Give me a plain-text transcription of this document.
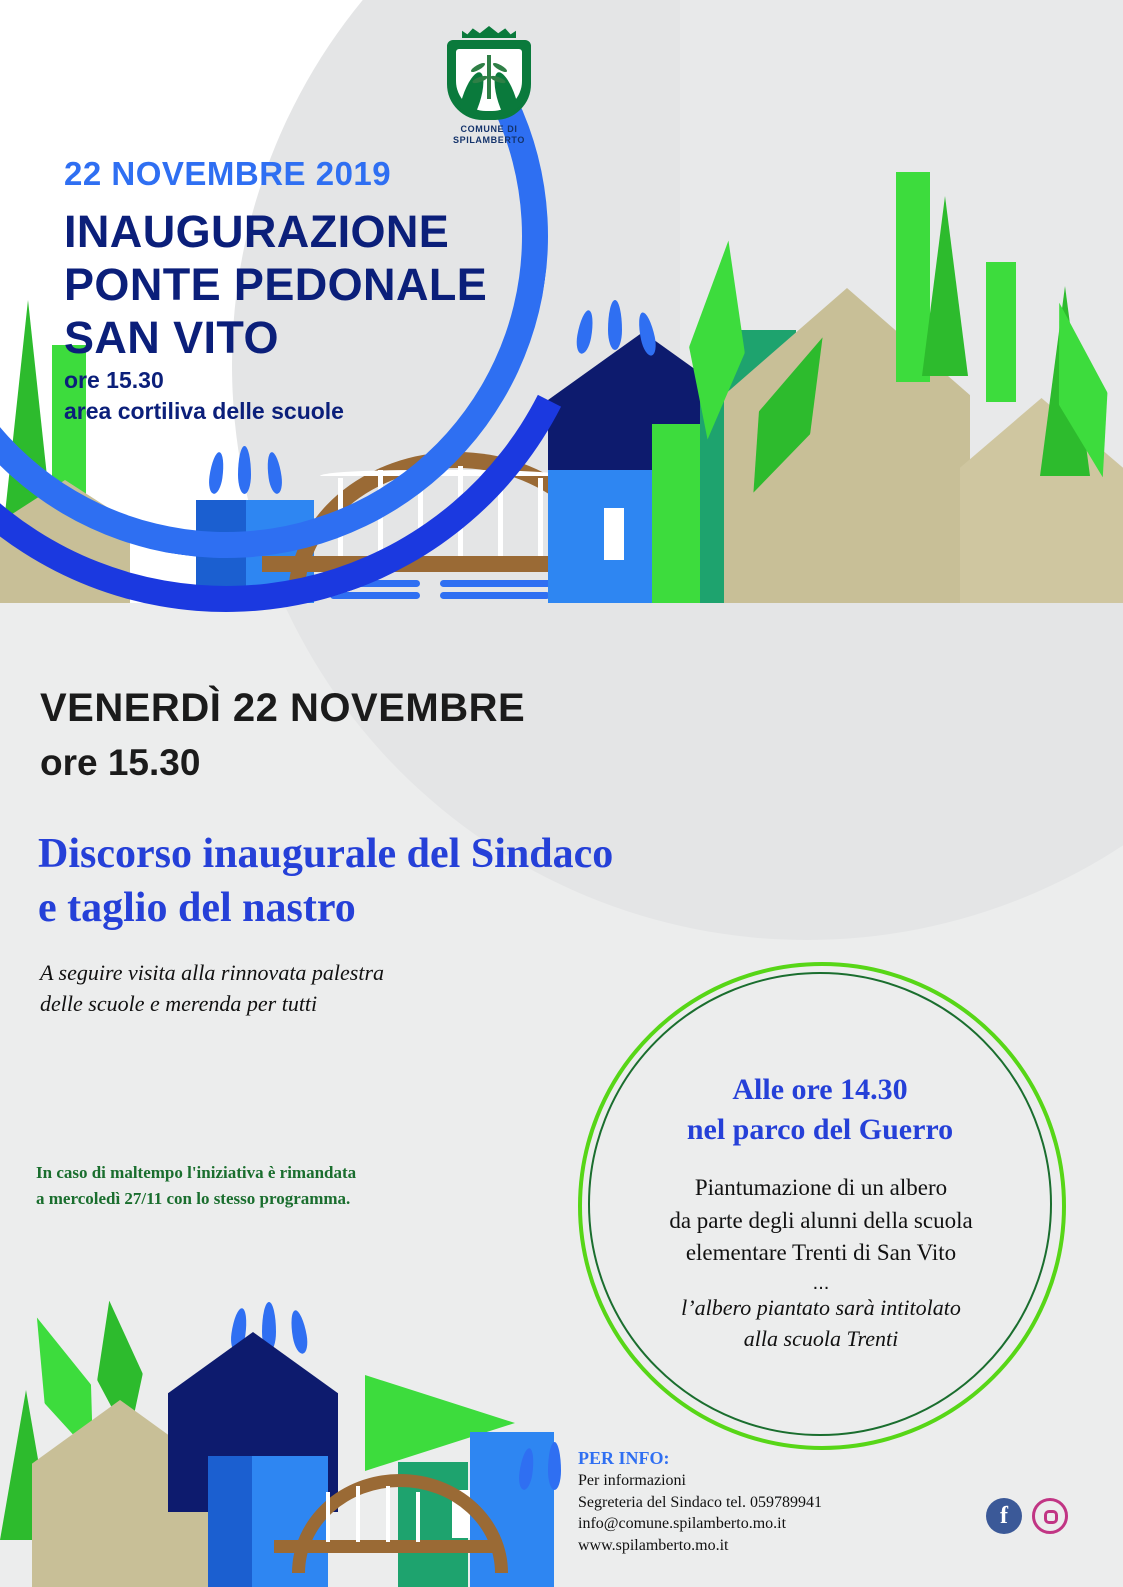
COMUNE DI
SPILAMBERTO
22 NOVEMBRE 2019
INAUGURAZIONE
PONTE PEDONALE
SAN VITO
ore 15.30
area cortiliva delle scuole
VENERDÌ 22 NOVEMBRE
ore 15.30
Discorso inaugurale del Sindaco
e taglio del nastro
A seguire visita alla rinnovata palestra
delle scuole e merenda per tutti
In caso di maltempo l'iniziativa è rimandata
a mercoledì 27/11 con lo stesso programma.
Alle ore 14.30
nel parco del Guerro
Piantumazione di un albero
da parte degli alunni della scuola
elementare Trenti di San Vito
...
l’albero piantato sarà intitolato
alla scuola Trenti
PER INFO:
Per informazioni
Segreteria del Sindaco tel. 059789941
info@comune.spilamberto.mo.it
www.spilamberto.mo.it
f
